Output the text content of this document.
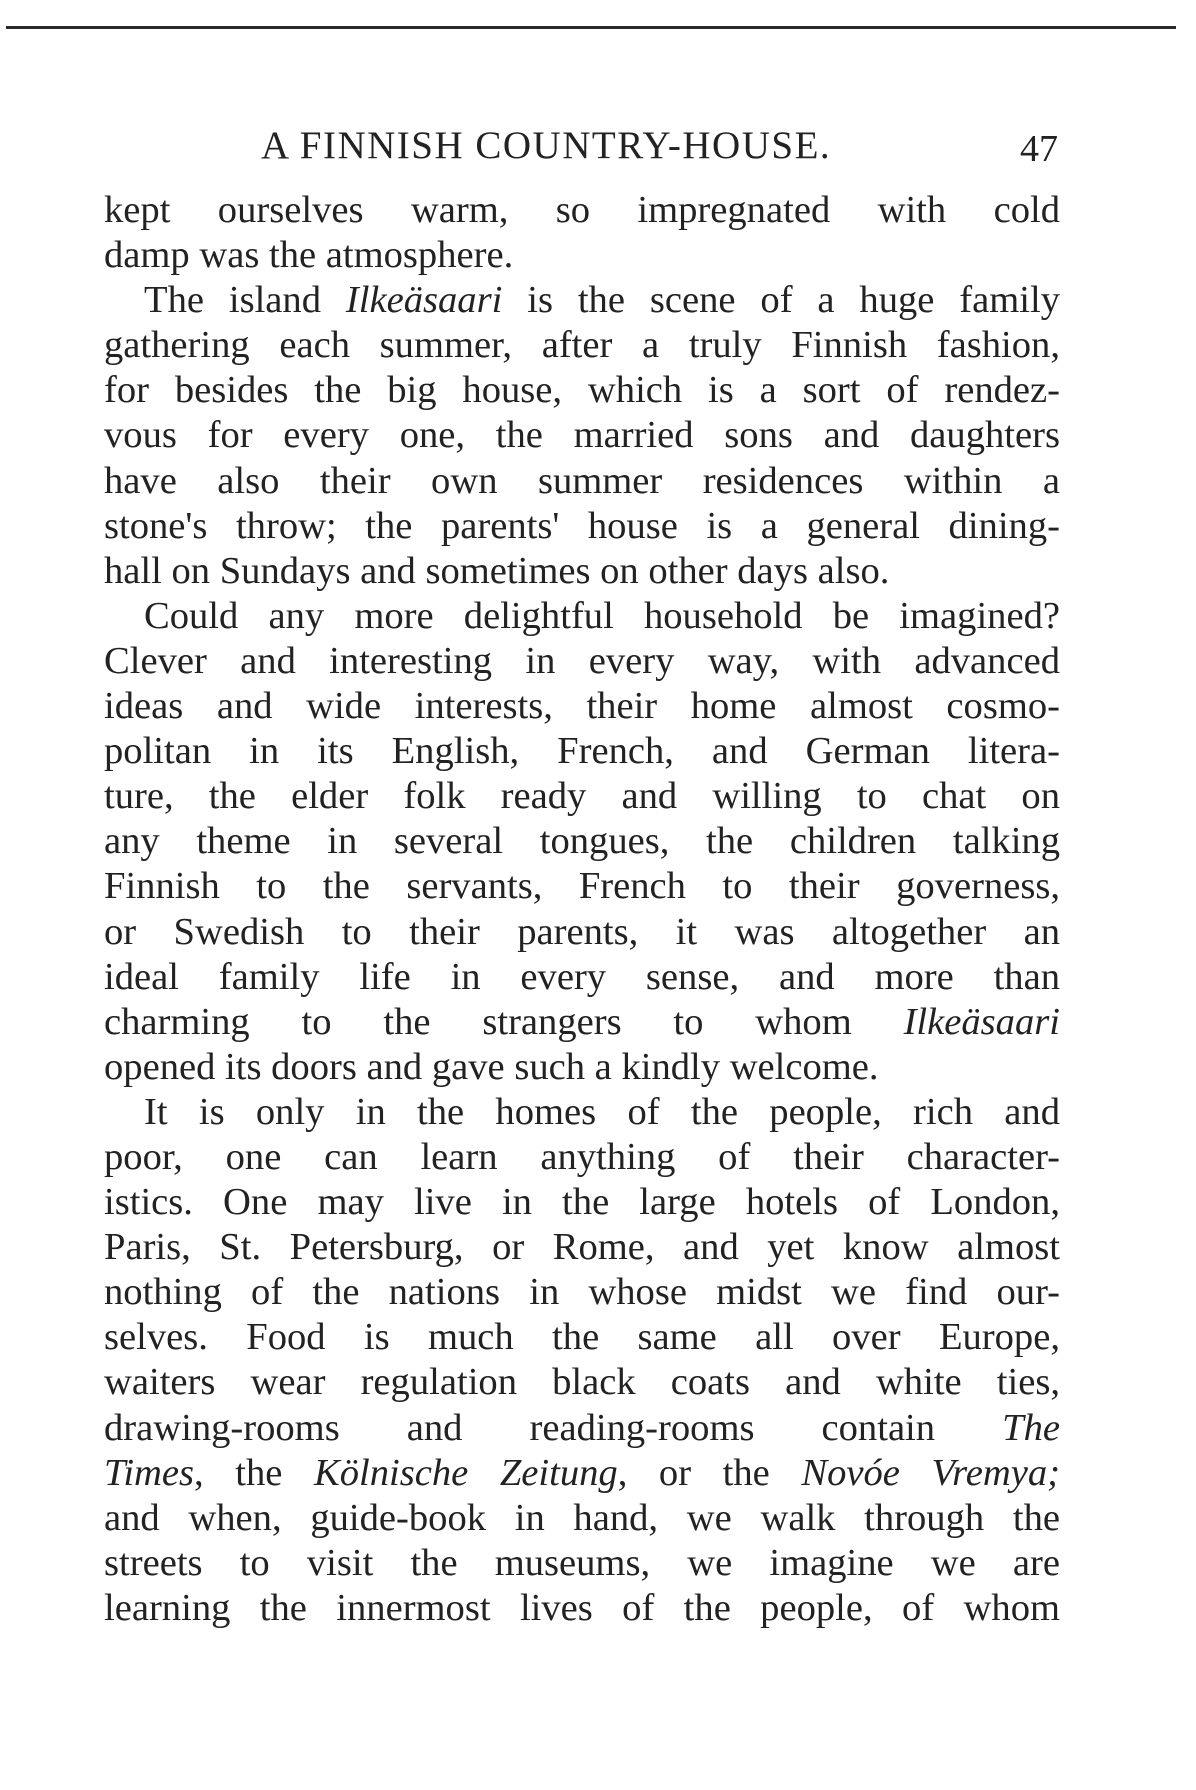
A FINNISH COUNTRY-HOUSE.	47
kept ourselves warm, so impregnated with cold
damp was the atmosphere.
The island Ilkeäsaari is the scene of a huge family
gathering each summer, after a truly Finnish fashion,
for besides the big house, which is a sort of rendez-
vous for every one, the married sons and daughters
have also their own summer residences within a
stone's throw; the parents' house is a general dining-
hall on Sundays and sometimes on other days also.
Could any more delightful household be imagined?
Clever and interesting in every way, with advanced
ideas and wide interests, their home almost cosmo-
politan in its English, French, and German litera-
ture, the elder folk ready and willing to chat on
any theme in several tongues, the children talking
Finnish to the servants, French to their governess,
or Swedish to their parents, it was altogether an
ideal family life in every sense, and more than
charming to the strangers to whom Ilkeäsaari
opened its doors and gave such a kindly welcome.
It is only in the homes of the people, rich and
poor, one can learn anything of their character-
istics. One may live in the large hotels of London,
Paris, St. Petersburg, or Rome, and yet know almost
nothing of the nations in whose midst we find our-
selves. Food is much the same all over Europe,
waiters wear regulation black coats and white ties,
drawing-rooms and reading-rooms contain The
Times, the Kölnische Zeitung, or the Novóe Vremya;
and when, guide-book in hand, we walk through the
streets to visit the museums, we imagine we are
learning the innermost lives of the people, of whom
